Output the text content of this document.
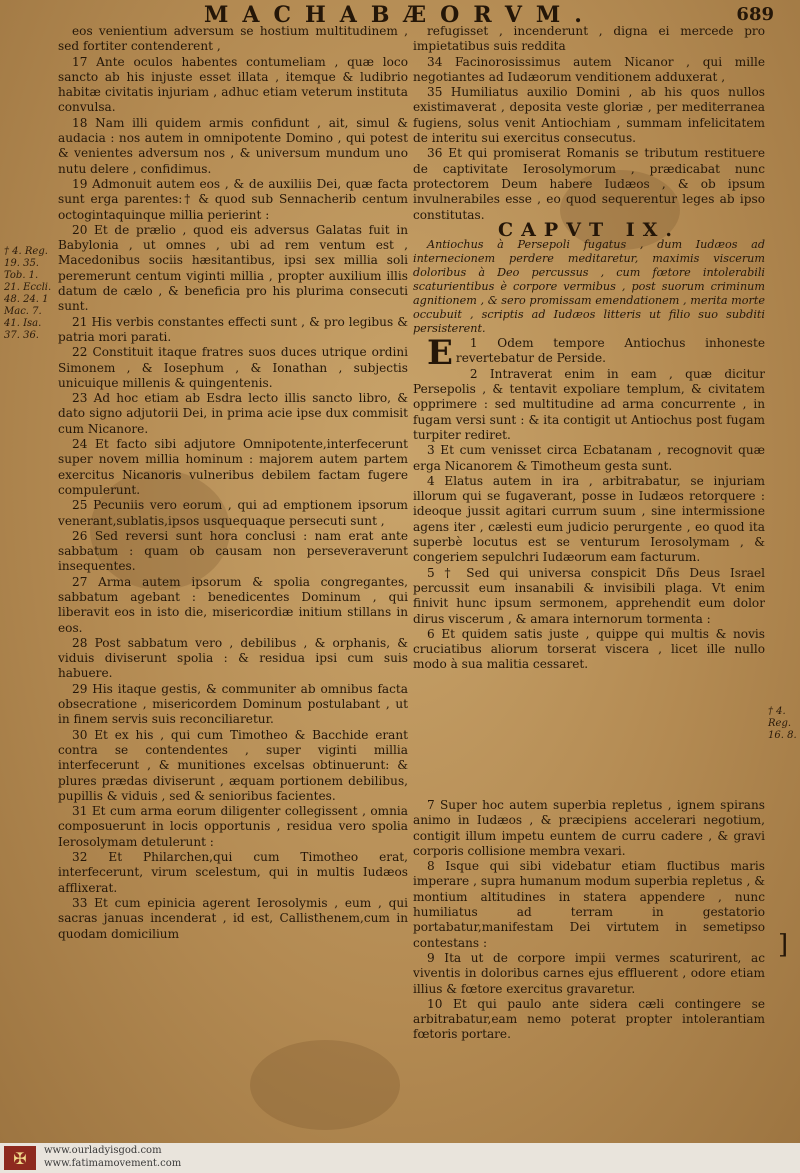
MACHABÆORVM.	689

eos venientium adversum se hostium multitudinem , sed fortiter contenderent ,

17 Ante oculos habentes contumeliam , quæ loco sancto ab his injuste esset illata , itemque & ludibrio habitæ civitatis injuriam , adhuc etiam veterum instituta convulsa.

18 Nam illi quidem armis confidunt , ait, simul & audacia : nos autem in omnipotente Domino , qui potest & venientes adversum nos , & universum mundum uno nutu delere , confidimus.

19 Admonuit autem eos , & de auxiliis Dei, quæ facta sunt erga parentes:† & quod sub Sennacherib centum octogintaquinque millia perierint :

20 Et de prælio , quod eis adversus Galatas fuit in Babylonia , ut omnes , ubi ad rem ventum est , Macedonibus sociis hæsitantibus, ipsi sex millia soli peremerunt centum viginti millia , propter auxilium illis datum de cælo , & beneficia pro his plurima consecuti sunt.

21 His verbis constantes effecti sunt , & pro legibus & patria mori parati.

22 Constituit itaque fratres suos duces utrique ordini Simonem , & Iosephum , & Ionathan , subjectis unicuique millenis & quingentenis.

23 Ad hoc etiam ab Esdra lecto illis sancto libro, & dato signo adjutorii Dei, in prima acie ipse dux commisit cum Nicanore.

24 Et facto sibi adjutore Omnipotente,interfecerunt super novem millia hominum : majorem autem partem exercitus Nicanoris vulneribus debilem factam fugere compulerunt.

25 Pecuniis vero eorum , qui ad emptionem ipsorum venerant,sublatis,ipsos usquequaque persecuti sunt ,

26 Sed reversi sunt hora conclusi : nam erat ante sabbatum : quam ob causam non perseveraverunt insequentes.

27 Arma autem ipsorum & spolia congregantes, sabbatum agebant : benedicentes Dominum , qui liberavit eos in isto die, misericordiæ initium stillans in eos.

28 Post sabbatum vero , debilibus , & orphanis, & viduis diviserunt spolia : & residua ipsi cum suis habuere.

29 His itaque gestis, & communiter ab omnibus facta obsecratione , misericordem Dominum postulabant , ut in finem servis suis reconciliaretur.

30 Et ex his , qui cum Timotheo & Bacchide erant contra se contendentes , super viginti millia interfecerunt , & munitiones excelsas obtinuerunt: & plures prædas diviserunt , æquam portionem debilibus, pupillis & viduis , sed & senioribus facientes.

31 Et cum arma eorum diligenter collegissent , omnia composuerunt in locis opportunis , residua vero spolia Ierosolymam detulerunt :

32 Et Philarchen,qui cum Timotheo erat, interfecerunt, virum scelestum, qui in multis Iudæos afflixerat.

33 Et cum epinicia agerent Ierosolymis , eum , qui sacras januas incenderat , id est, Callisthenem,cum in quodam domicilium

refugisset , incenderunt , digna ei mercede pro impietatibus suis reddita

34 Facinorosissimus autem Nicanor , qui mille negotiantes ad Iudæorum venditionem adduxerat ,

35 Humiliatus auxilio Domini , ab his quos nullos existimaverat , deposita veste gloriæ , per mediterranea fugiens, solus venit Antiochiam , summam infelicitatem de interitu sui exercitus consecutus.

36 Et qui promiserat Romanis se tributum restituere de captivitate Ierosolymorum , prædicabat nunc protectorem Deum habere Iudæos , & ob ipsum invulnerabiles esse , eo quod sequerentur leges ab ipso constitutas.

CAPVT IX.

Antiochus à Persepoli fugatus , dum Iudæos ad internecionem perdere meditaretur, maximis viscerum doloribus à Deo percussus , cum fœtore intolerabili scaturientibus è corpore vermibus , post suorum criminum agnitionem , & sero promissam emendationem , merita morte occubuit , scriptis ad Iudæos litteris ut filio suo subditi persisterent.

E 1 Odem tempore Antiochus inhoneste revertebatur de Perside.

2 Intraverat enim in eam , quæ dicitur Persepolis , & tentavit expoliare templum, & civitatem opprimere : sed multitudine ad arma concurrente , in fugam versi sunt : & ita contigit ut Antiochus post fugam turpiter rediret.

3 Et cum venisset circa Ecbatanam , recognovit quæ erga Nicanorem & Timotheum gesta sunt.

4 Elatus autem in ira , arbitrabatur, se injuriam illorum qui se fugaverant, posse in Iudæos retorquere : ideoque jussit agitari currum suum , sine intermissione agens iter , cælesti eum judicio perurgente , eo quod ita superbè locutus est se venturum Ierosolymam , & congeriem sepulchri Iudæorum eam facturum.

5 † Sed qui universa conspicit Dñs Deus Israel percussit eum insanabili & invisibili plaga. Vt enim finivit hunc ipsum sermonem, apprehendit eum dolor dirus viscerum , & amara internorum tormenta :

6 Et quidem satis juste , quippe qui multis & novis cruciatibus aliorum torserat viscera , licet ille nullo modo à sua malitia cessaret.

7 Super hoc autem superbia repletus , ignem spirans animo in Iudæos , & præcipiens accelerari negotium, contigit illum impetu euntem de curru cadere , & gravi corporis collisione membra vexari.

8 Isque qui sibi videbatur etiam fluctibus maris imperare , supra humanum modum superbia repletus , & montium altitudines in statera appendere , nunc humiliatus ad terram in gestatorio portabatur,manifestam Dei virtutem in semetipso contestans :

9 Ita ut de corpore impii vermes scaturirent, ac viventis in doloribus carnes ejus effluerent , odore etiam illius & fœtore exercitus gravaretur.

10 Et qui paulo ante sidera cæli contingere se arbitrabatur,eam nemo poterat propter intolerantiam fœtoris portare.

† 4. Reg. 19. 35. Tob. 1. 21. Eccli. 48. 24. 1 Mac. 7. 41. Isa. 37. 36.
† 4. Reg. 16. 8.
]
✠	www.ourladyisgod.com
www.fatimamovement.com
